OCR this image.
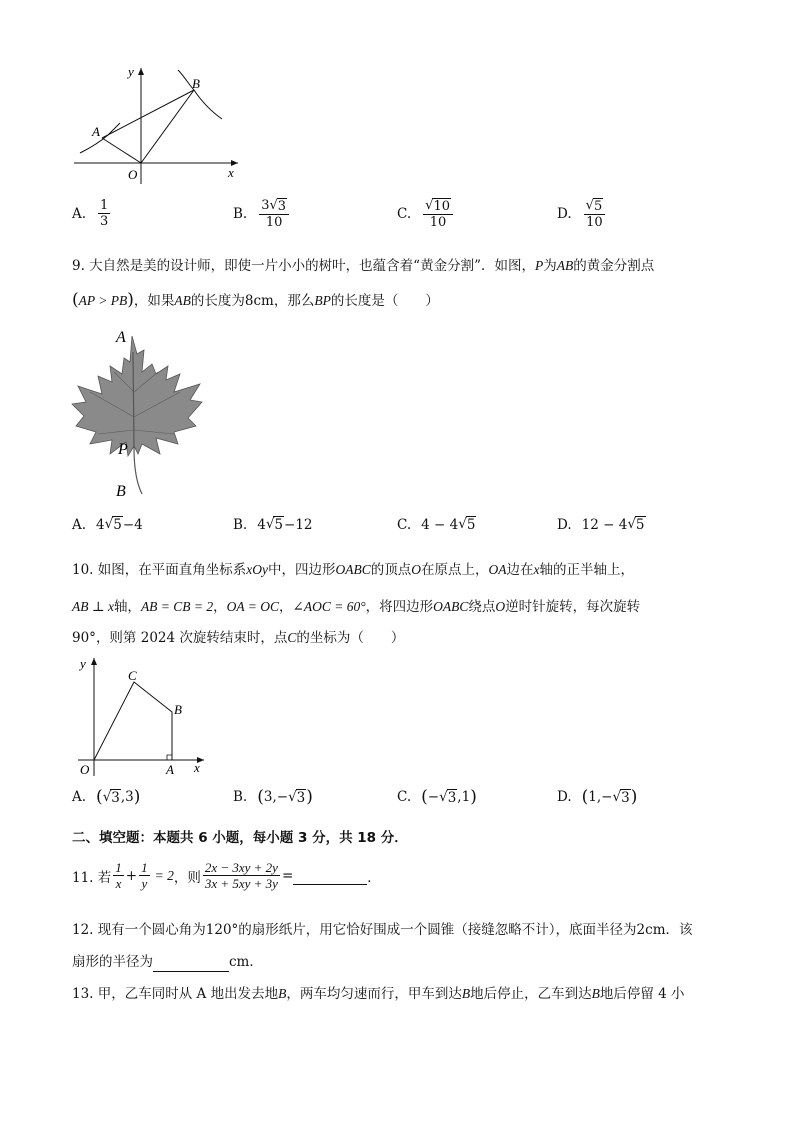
y
x
O
A
B
A. $\frac{1}{3}$	B. $\frac{3√ 3}{10}$	C. $\frac{√ 10}{10}$	D. $\frac{√ 5}{10}$
9. 大自然是美的设计师，即使一片小小的树叶，也蕴含着“黄金分割”．如图，P为AB的黄金分割点
(AP > PB)，如果AB的长度为8cm，那么BP的长度是（　　）
A
P
B
A. 4 √ 5 −4	B. 4 √ 5 −12	C. 4 − 4 √ 5	D. 12 − 4 √ 5
10. 如图，在平面直角坐标系xOy中，四边形OABC的顶点O在原点上，OA边在x轴的正半轴上，
AB ⊥ x轴，AB = CB = 2，OA = OC，∠AOC = 60°，将四边形OABC绕点O逆时针旋转，每次旋转
90°，则第 2024 次旋转结束时，点C的坐标为（　　）
y
x
O	A
B
C
A. ( √ 3 ,3 )	B. ( 3,− √ 3 )	C. ( − √ 3 ,1 )	D. ( 1,− √ 3 )
二、填空题：本题共 6 小题，每小题 3 分，共 18 分．
11. 若 $\frac{1}{x} + \frac{1}{y} = 2$ ，则 $\frac{2x - 3xy + 2y}{3x + 5xy + 3y}$ =	．
12. 现有一个圆心角为120°的扇形纸片，用它恰好围成一个圆锥（接缝忽略不计），底面半径为2cm．该
扇形的半径为	cm．
13. 甲，乙车同时从 A 地出发去地B，两车均匀速而行，甲车到达B地后停止，乙车到达B地后停留 4 小
